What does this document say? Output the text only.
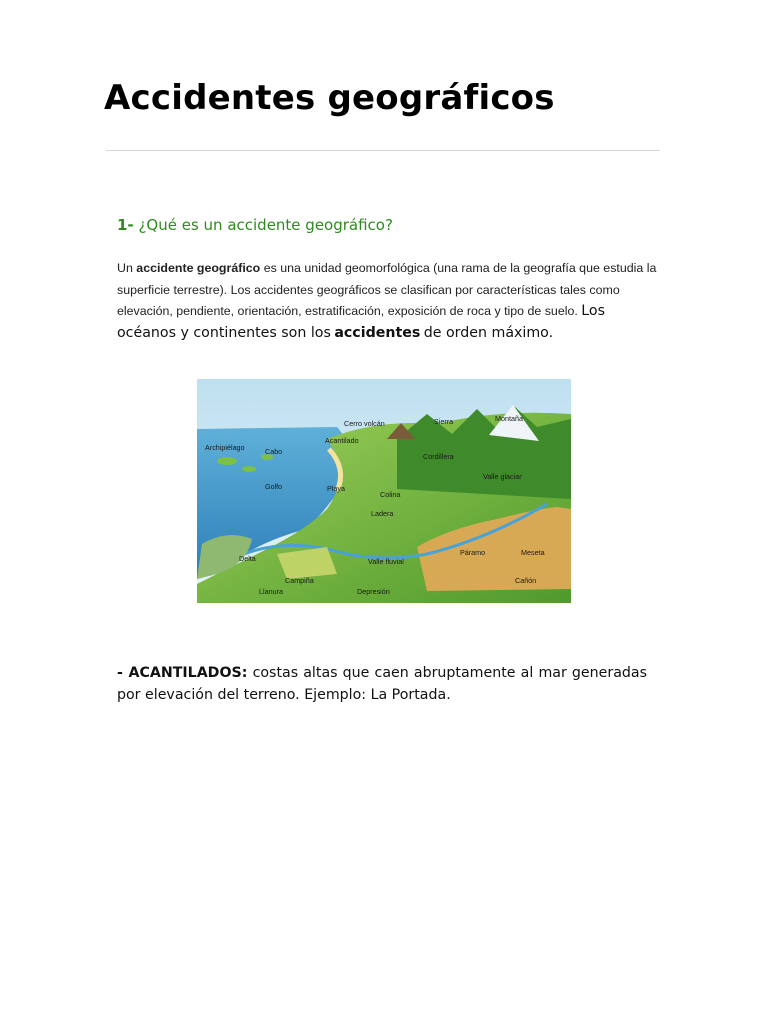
Accidentes geográficos
1- ¿Qué es un accidente geográfico?

Un accidente geográfico es una unidad geomorfológica (una rama de la geografía que estudia la superficie terrestre). Los accidentes geográficos se clasifican por características tales como elevación, pendiente, orientación, estratificación, exposición de roca y tipo de suelo. Los océanos y continentes son los accidentes de orden máximo.

Cerro volcán	Sierra	Montaña
Archipiélago	Cabo
Acantilado
Cordillera
Valle glaciar
Golfo	Playa
Colina
Ladera
Páramo	Meseta
Delta	Valle fluvial
Campiña
Llanura	Depresión
Cañón

- ACANTILADOS: costas altas que caen abruptamente al mar generadas por elevación del terreno. Ejemplo: La Portada.
